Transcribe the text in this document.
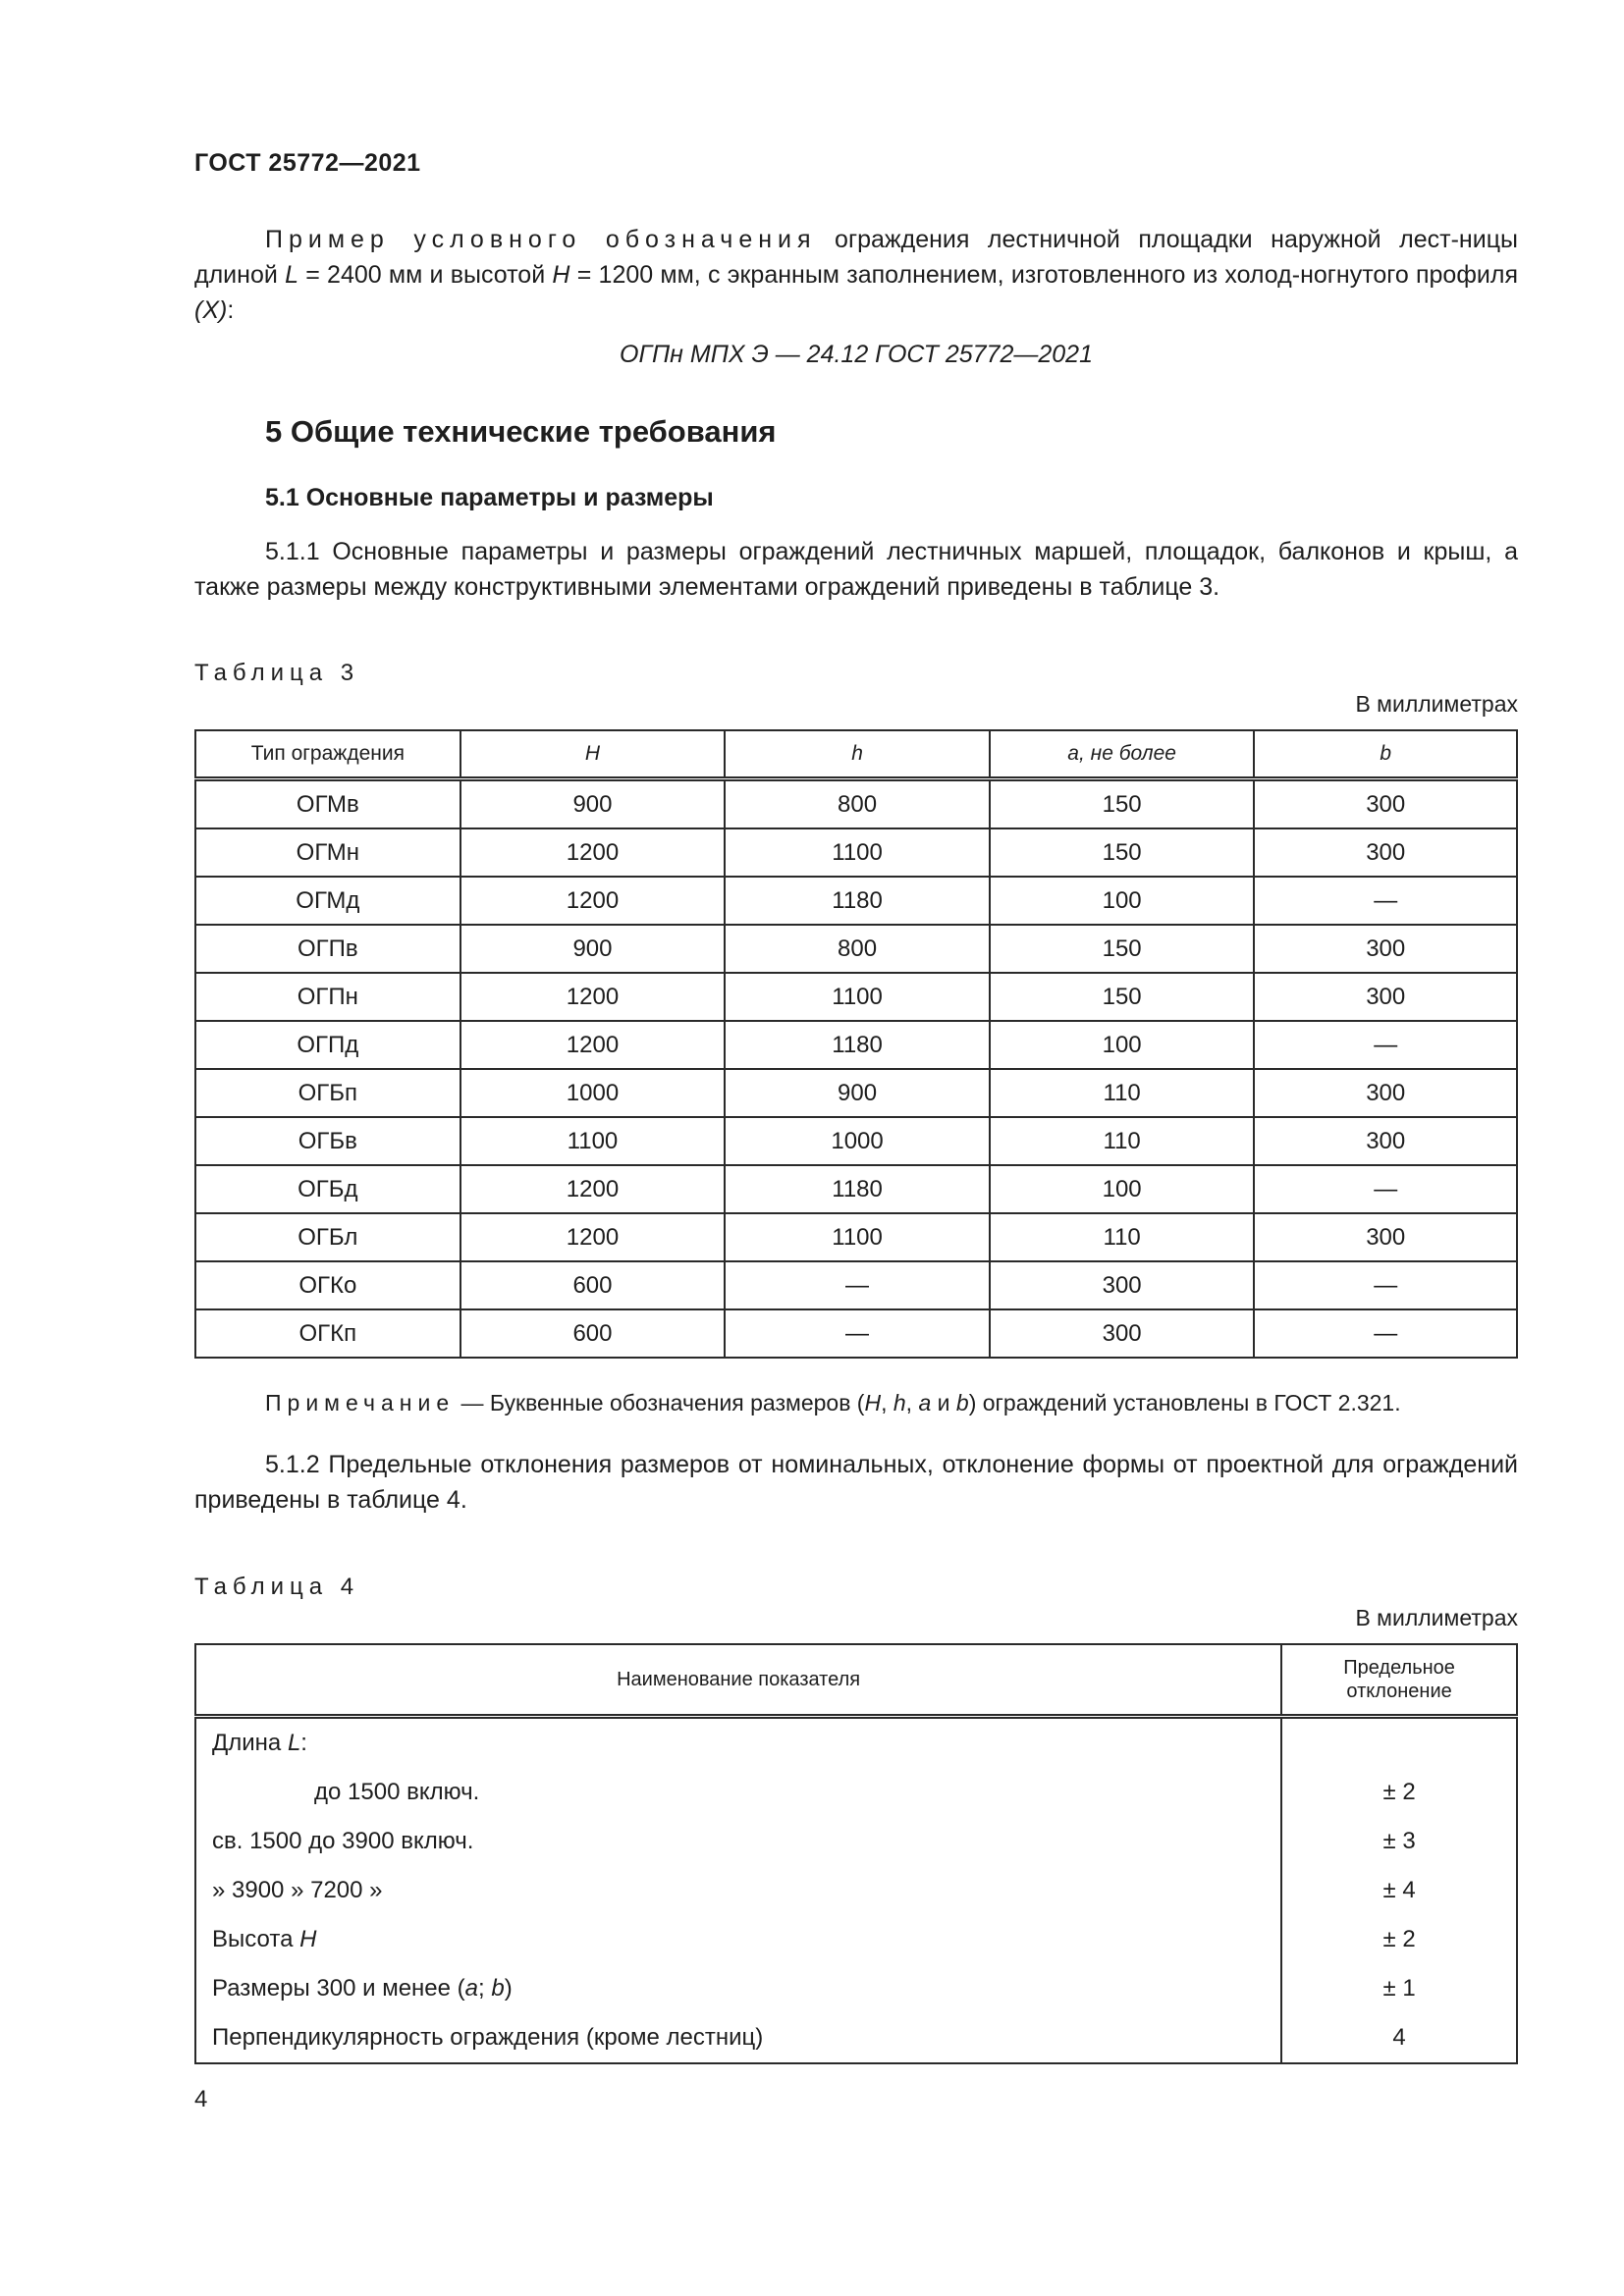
ГОСТ 25772—2021
Пример условного обозначения ограждения лестничной площадки наружной лест-ницы длиной L = 2400 мм и высотой H = 1200 мм, с экранным заполнением, изготовленного из холод-ногнутого профиля (X):
ОГПн МПХ Э — 24.12 ГОСТ 25772—2021
5 Общие технические требования
5.1 Основные параметры и размеры
5.1.1 Основные параметры и размеры ограждений лестничных маршей, площадок, балконов и крыш, а также размеры между конструктивными элементами ограждений приведены в таблице 3.
Таблица 3
В миллиметрах
Тип ограждения	H	h	a, не более	b
ОГМв	900	800	150	300
ОГМн	1200	1100	150	300
ОГМд	1200	1180	100	—
ОГПв	900	800	150	300
ОГПн	1200	1100	150	300
ОГПд	1200	1180	100	—
ОГБп	1000	900	110	300
ОГБв	1100	1000	110	300
ОГБд	1200	1180	100	—
ОГБл	1200	1100	110	300
ОГКо	600	—	300	—
ОГКп	600	—	300	—
Примечание — Буквенные обозначения размеров (H, h, a и b) ограждений установлены в ГОСТ 2.321.
5.1.2 Предельные отклонения размеров от номинальных, отклонение формы от проектной для ограждений приведены в таблице 4.
Таблица 4
В миллиметрах
Наименование показателя	Предельное отклонение
Длина L:	
до 1500 включ.	± 2
св. 1500 до 3900 включ.	± 3
» 3900 » 7200 »	± 4
Высота H	± 2
Размеры 300 и менее (a; b)	± 1
Перпендикулярность ограждения (кроме лестниц)	4
4
